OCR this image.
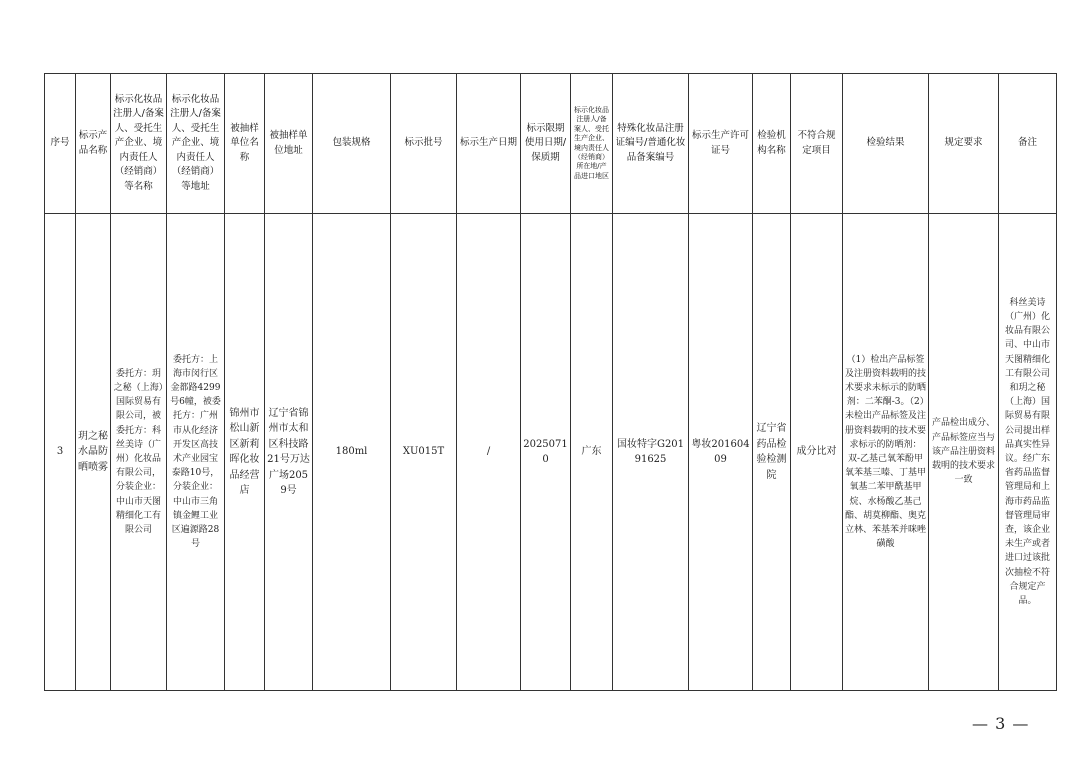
序号	标示产品名称	标示化妆品注册人/备案人、受托生产企业、境内责任人（经销商）等名称	标示化妆品注册人/备案人、受托生产企业、境内责任人（经销商）等地址	被抽样单位名称	被抽样单位地址	包装规格	标示批号	标示生产日期	标示限期使用日期/保质期	标示化妆品注册人/备案人、受托生产企业、境内责任人（经销商）所在地/产品进口地区	特殊化妆品注册证编号/普通化妆品备案编号	标示生产许可证号	检验机构名称	不符合规定项目	检验结果	规定要求	备注
3	玥之秘水晶防晒喷雾	委托方：玥之秘（上海）国际贸易有限公司，被委托方：科丝美诗（广州）化妆品有限公司，分装企业：中山市天图精细化工有限公司	委托方：上海市闵行区金都路4299号6幢，被委托方：广州市从化经济开发区高技术产业园宝泰路10号，分装企业：中山市三角镇金鲤工业区遍源路28号	锦州市松山新区新莉晖化妆品经营店	辽宁省锦州市太和区科技路21号万达广场2059号	180ml	XU015T	/	20250710	广东	国妆特字G20191625	粤妆20160409	辽宁省药品检验检测院	成分比对	（1）检出产品标签及注册资料载明的技术要求未标示的防晒剂：二苯酮-3。（2）未检出产品标签及注册资料载明的技术要求标示的防晒剂：双-乙基己氧苯酚甲氧苯基三嗪、丁基甲氧基二苯甲酰基甲烷、水杨酸乙基己酯、胡莫柳酯、奥克立林、苯基苯并咪唑磺酸	产品检出成分、产品标签应当与该产品注册资料载明的技术要求一致	科丝美诗（广州）化妆品有限公司、中山市天图精细化工有限公司和玥之秘（上海）国际贸易有限公司提出样品真实性异议。经广东省药品监督管理局和上海市药品监督管理局审查，该企业未生产或者进口过该批次抽检不符合规定产品。
— 3 —
